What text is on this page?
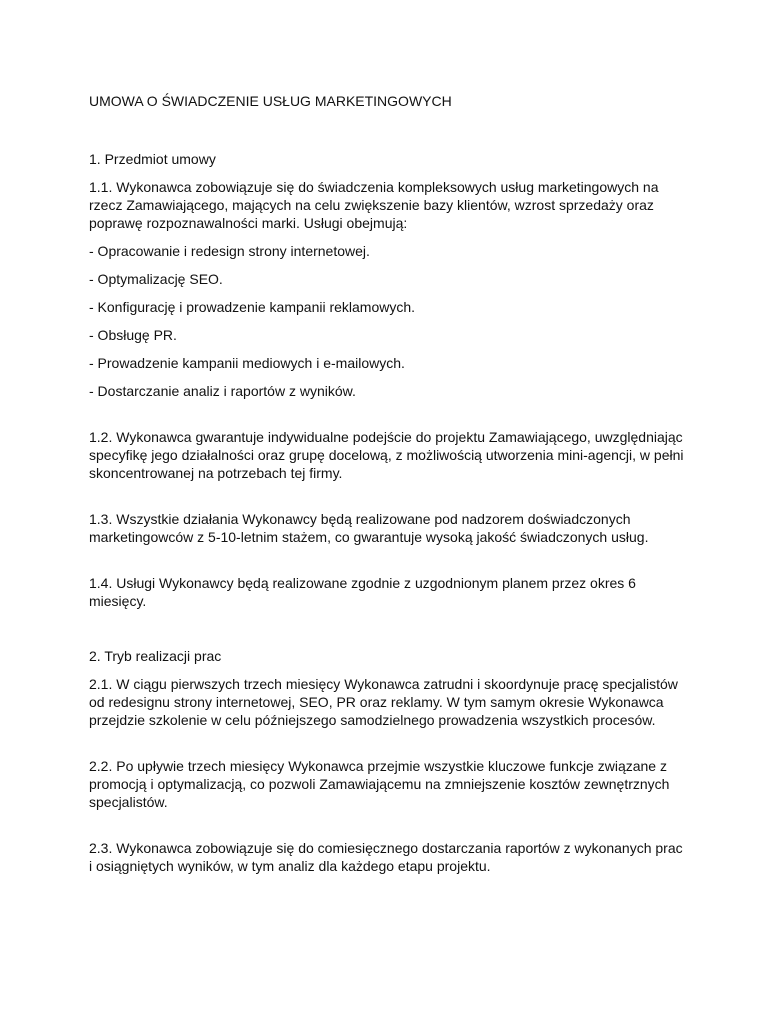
UMOWA O ŚWIADCZENIE USŁUG MARKETINGOWYCH

1. Przedmiot umowy

1.1. Wykonawca zobowiązuje się do świadczenia kompleksowych usług marketingowych na
rzecz Zamawiającego, mających na celu zwiększenie bazy klientów, wzrost sprzedaży oraz
poprawę rozpoznawalności marki. Usługi obejmują:
- Opracowanie i redesign strony internetowej.
- Optymalizację SEO.
- Konfigurację i prowadzenie kampanii reklamowych.
- Obsługę PR.
- Prowadzenie kampanii mediowych i e-mailowych.
- Dostarczanie analiz i raportów z wyników.
1.2. Wykonawca gwarantuje indywidualne podejście do projektu Zamawiającego, uwzględniając
specyfikę jego działalności oraz grupę docelową, z możliwością utworzenia mini-agencji, w pełni
skoncentrowanej na potrzebach tej firmy.
1.3. Wszystkie działania Wykonawcy będą realizowane pod nadzorem doświadczonych
marketingowców z 5-10-letnim stażem, co gwarantuje wysoką jakość świadczonych usług.
1.4. Usługi Wykonawcy będą realizowane zgodnie z uzgodnionym planem przez okres 6
miesięcy.

2. Tryb realizacji prac

2.1. W ciągu pierwszych trzech miesięcy Wykonawca zatrudni i skoordynuje pracę specjalistów
od redesignu strony internetowej, SEO, PR oraz reklamy. W tym samym okresie Wykonawca
przejdzie szkolenie w celu późniejszego samodzielnego prowadzenia wszystkich procesów.
2.2. Po upływie trzech miesięcy Wykonawca przejmie wszystkie kluczowe funkcje związane z
promocją i optymalizacją, co pozwoli Zamawiającemu na zmniejszenie kosztów zewnętrznych
specjalistów.
2.3. Wykonawca zobowiązuje się do comiesięcznego dostarczania raportów z wykonanych prac
i osiągniętych wyników, w tym analiz dla każdego etapu projektu.
